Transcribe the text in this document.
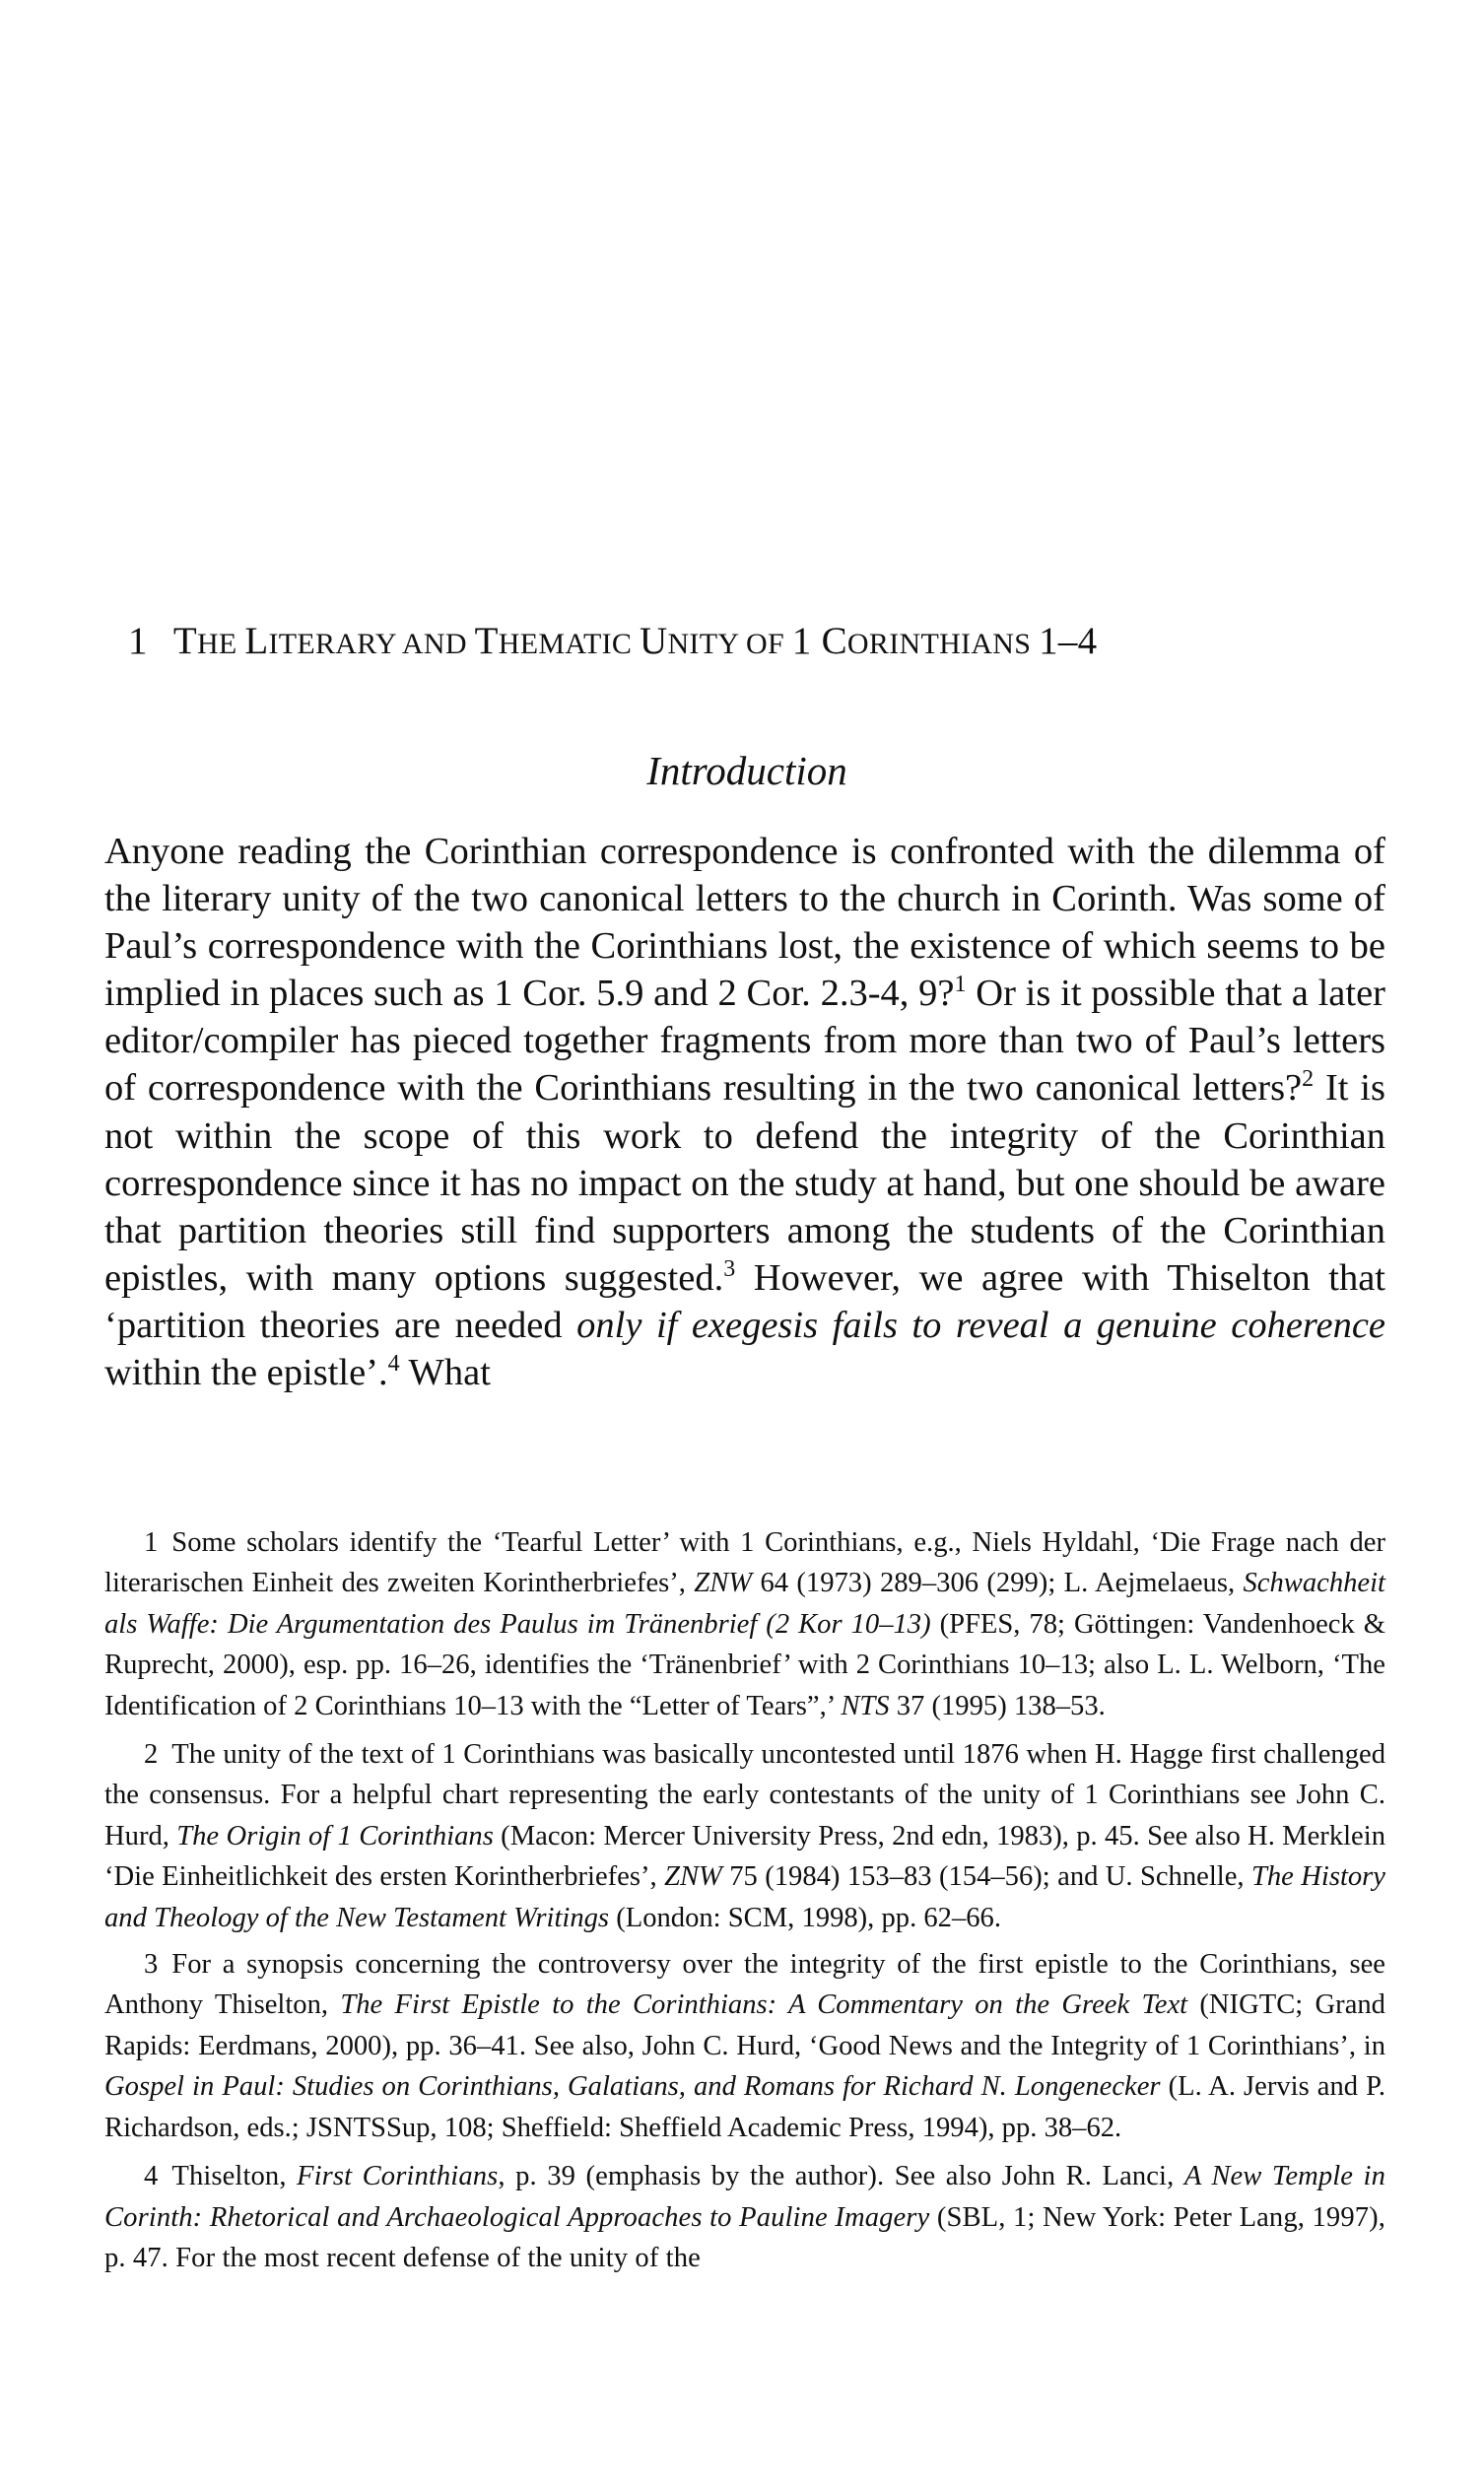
1 THE LITERARY AND THEMATIC UNITY OF 1 CORINTHIANS 1–4
Introduction
Anyone reading the Corinthian correspondence is confronted with the dilemma of the literary unity of the two canonical letters to the church in Corinth. Was some of Paul’s correspondence with the Corinthians lost, the existence of which seems to be implied in places such as 1 Cor. 5.9 and 2 Cor. 2.3-4, 9?$^1$ Or is it possible that a later editor/compiler has pieced together fragments from more than two of Paul’s letters of correspondence with the Corinthians resulting in the two canonical letters?$^2$ It is not within the scope of this work to defend the integrity of the Corinthian correspondence since it has no impact on the study at hand, but one should be aware that partition theories still find supporters among the students of the Corinthian epistles, with many options suggested.$^3$ However, we agree with Thiselton that ‘partition theories are needed only if exegesis fails to reveal a genuine coherence within the epistle’.$^4$ What

1 Some scholars identify the ‘Tearful Letter’ with 1 Corinthians, e.g., Niels Hyldahl, ‘Die Frage nach der literarischen Einheit des zweiten Korintherbriefes’, ZNW 64 (1973) 289–306 (299); L. Aejmelaeus, Schwachheit als Waffe: Die Argumentation des Paulus im Tränenbrief (2 Kor 10–13) (PFES, 78; Göttingen: Vandenhoeck & Ruprecht, 2000), esp. pp. 16–26, identifies the ‘Tränenbrief’ with 2 Corinthians 10–13; also L. L. Welborn, ‘The Identification of 2 Corinthians 10–13 with the “Letter of Tears”,’ NTS 37 (1995) 138–53.

2 The unity of the text of 1 Corinthians was basically uncontested until 1876 when H. Hagge first challenged the consensus. For a helpful chart representing the early contestants of the unity of 1 Corinthians see John C. Hurd, The Origin of 1 Corinthians (Macon: Mercer University Press, 2nd edn, 1983), p. 45. See also H. Merklein ‘Die Einheitlichkeit des ersten Korintherbriefes’, ZNW 75 (1984) 153–83 (154–56); and U. Schnelle, The History and Theology of the New Testament Writings (London: SCM, 1998), pp. 62–66.

3 For a synopsis concerning the controversy over the integrity of the first epistle to the Corinthians, see Anthony Thiselton, The First Epistle to the Corinthians: A Commentary on the Greek Text (NIGTC; Grand Rapids: Eerdmans, 2000), pp. 36–41. See also, John C. Hurd, ‘Good News and the Integrity of 1 Corinthians’, in Gospel in Paul: Studies on Corinthians, Galatians, and Romans for Richard N. Longenecker (L. A. Jervis and P. Richardson, eds.; JSNTSSup, 108; Sheffield: Sheffield Academic Press, 1994), pp. 38–62.

4 Thiselton, First Corinthians, p. 39 (emphasis by the author). See also John R. Lanci, A New Temple in Corinth: Rhetorical and Archaeological Approaches to Pauline Imagery (SBL, 1; New York: Peter Lang, 1997), p. 47. For the most recent defense of the unity of the
